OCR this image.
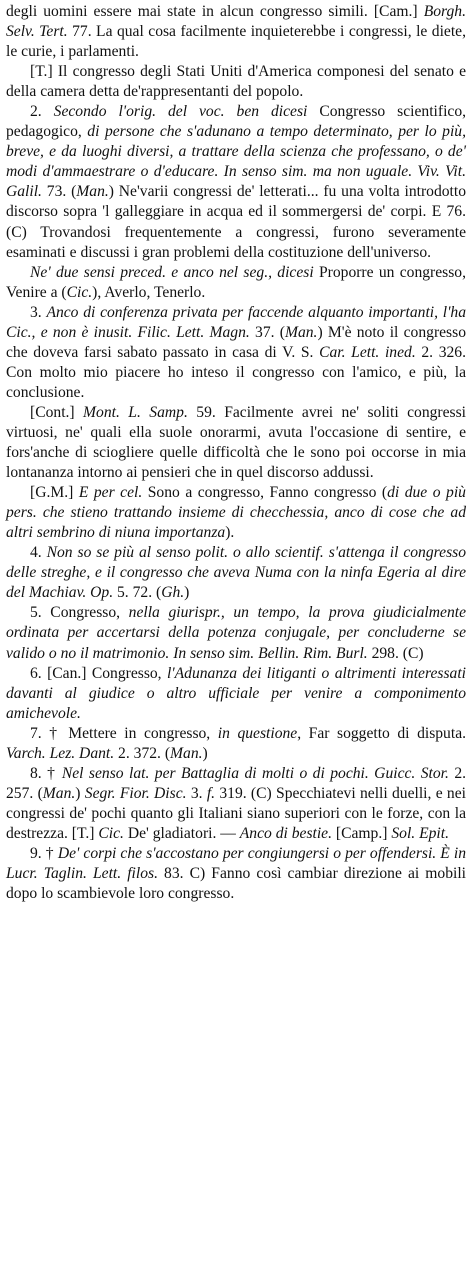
degli uomini essere mai state in alcun congresso simili. [Cam.] Borgh. Selv. Tert. 77. La qual cosa facilmente inquieterebbe i congressi, le diete, le curie, i parlamenti.

[T.] Il congresso degli Stati Uniti d'America componesi del senato e della camera detta de'rappresentanti del popolo.

2. Secondo l'orig. del voc. ben dicesi Congresso scientifico, pedagogico, di persone che s'adunano a tempo determinato, per lo più, breve, e da luoghi diversi, a trattare della scienza che professano, o de' modi d'ammaestrare o d'educare. In senso sim. ma non uguale. Viv. Vit. Galil. 73. (Man.) Ne'varii congressi de' letterati... fu una volta introdotto discorso sopra 'l galleggiare in acqua ed il sommergersi de' corpi. E 76. (C) Trovandosi frequentemente a congressi, furono severamente esaminati e discussi i gran problemi della costituzione dell'universo.

Ne' due sensi preced. e anco nel seg., dicesi Proporre un congresso, Venire a (Cic.), Averlo, Tenerlo.

3. Anco di conferenza privata per faccende alquanto importanti, l'ha Cic., e non è inusit. Filic. Lett. Magn. 37. (Man.) M'è noto il congresso che doveva farsi sabato passato in casa di V. S. Car. Lett. ined. 2. 326. Con molto mio piacere ho inteso il congresso con l'amico, e più, la conclusione.

[Cont.] Mont. L. Samp. 59. Facilmente avrei ne' soliti congressi virtuosi, ne' quali ella suole onorarmi, avuta l'occasione di sentire, e fors'anche di sciogliere quelle difficoltà che le sono poi occorse in mia lontananza intorno ai pensieri che in quel discorso addussi.

[G.M.] E per cel. Sono a congresso, Fanno congresso (di due o più pers. che stieno trattando insieme di checchessia, anco di cose che ad altri sembrino di niuna importanza).

4. Non so se più al senso polit. o allo scientif. s'attenga il congresso delle streghe, e il congresso che aveva Numa con la ninfa Egeria al dire del Machiav. Op. 5. 72. (Gh.)

5. Congresso, nella giurispr., un tempo, la prova giudicialmente ordinata per accertarsi della potenza conjugale, per concluderne se valido o no il matrimonio. In senso sim. Bellin. Rim. Burl. 298. (C)

6. [Can.] Congresso, l'Adunanza dei litiganti o altrimenti interessati davanti al giudice o altro ufficiale per venire a componimento amichevole.

7. † Mettere in congresso, in questione, Far soggetto di disputa. Varch. Lez. Dant. 2. 372. (Man.)

8. † Nel senso lat. per Battaglia di molti o di pochi. Guicc. Stor. 2. 257. (Man.) Segr. Fior. Disc. 3. f. 319. (C) Specchiatevi nelli duelli, e nei congressi de' pochi quanto gli Italiani siano superiori con le forze, con la destrezza. [T.] Cic. De' gladiatori. — Anco di bestie. [Camp.] Sol. Epit.

9. † De' corpi che s'accostano per congiungersi o per offendersi. È in Lucr. Taglin. Lett. filos. 83. C) Fanno così cambiar direzione ai mobili dopo lo scambievole loro congresso.
